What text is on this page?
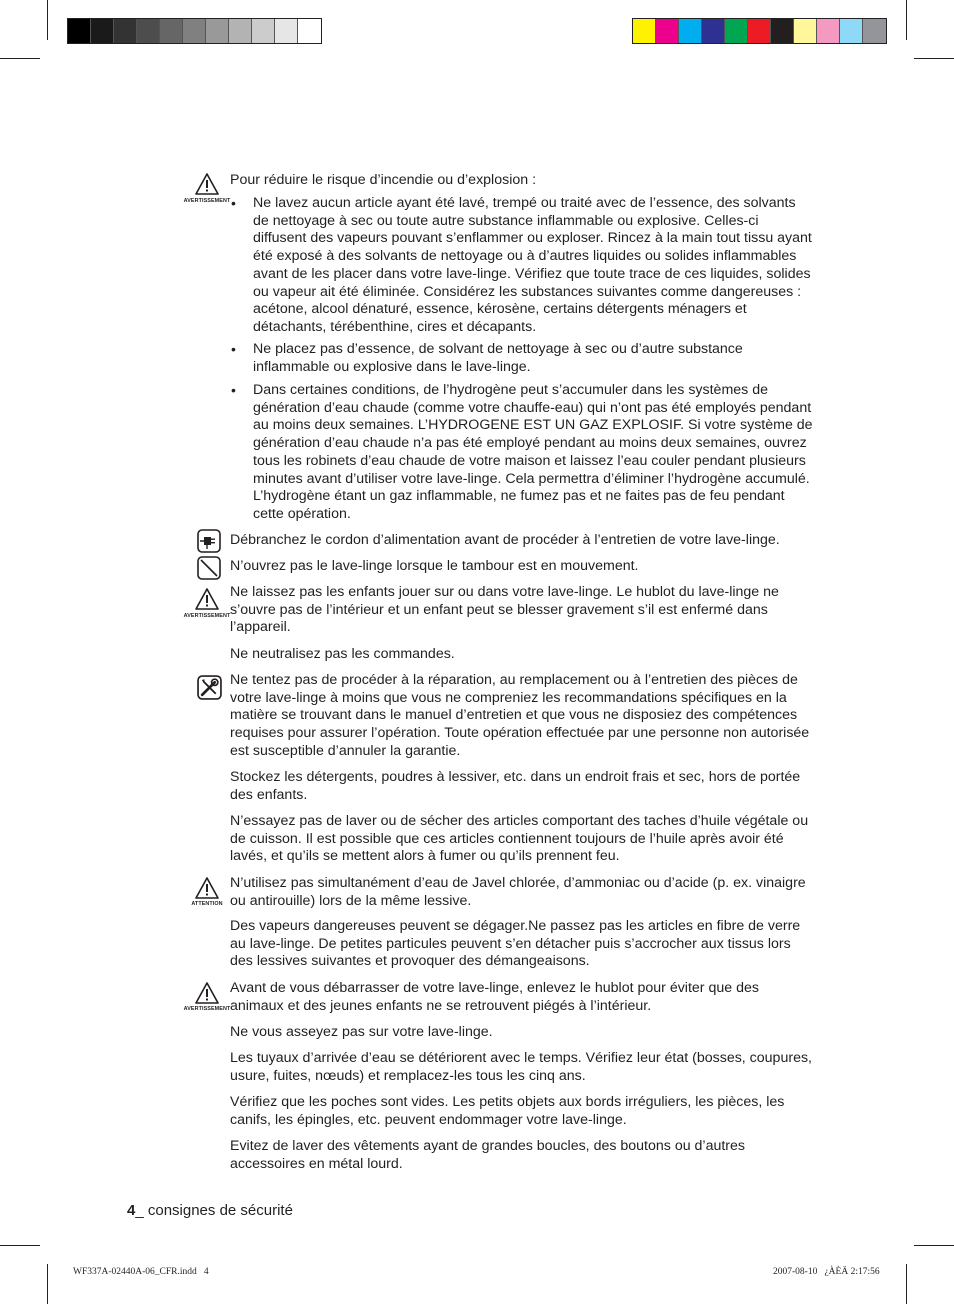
AVERTISSEMENT

Pour réduire le risque d’incendie ou d’explosion :

• Ne lavez aucun article ayant été lavé, trempé ou traité avec de l’essence, des solvants de nettoyage à sec ou toute autre substance inflammable ou explosive. Celles-ci diffusent des vapeurs pouvant s’enflammer ou exploser. Rincez à la main tout tissu ayant été exposé à des solvants de nettoyage ou à d’autres liquides ou solides inflammables avant de les placer dans votre lave-linge. Vérifiez que toute trace de ces liquides, solides ou vapeur ait été éliminée. Considérez les substances suivantes comme dangereuses : acétone, alcool dénaturé, essence, kérosène, certains détergents ménagers et détachants, térébenthine, cires et décapants.

• Ne placez pas d’essence, de solvant de nettoyage à sec ou d’autre substance inflammable ou explosive dans le lave-linge.

• Dans certaines conditions, de l’hydrogène peut s’accumuler dans les systèmes de génération d’eau chaude (comme votre chauffe-eau) qui n’ont pas été employés pendant au moins deux semaines. L’HYDROGENE EST UN GAZ EXPLOSIF. Si votre système de génération d’eau chaude n’a pas été employé pendant au moins deux semaines, ouvrez tous les robinets d’eau chaude de votre maison et laissez l’eau couler pendant plusieurs minutes avant d’utiliser votre lave-linge. Cela permettra d’éliminer l’hydrogène accumulé. L’hydrogène étant un gaz inflammable, ne fumez pas et ne faites pas de feu pendant cette opération.

Débranchez le cordon d’alimentation avant de procéder à l’entretien de votre lave-linge.

N’ouvrez pas le lave-linge lorsque le tambour est en mouvement.

AVERTISSEMENT

Ne laissez pas les enfants jouer sur ou dans votre lave-linge. Le hublot du lave-linge ne s’ouvre pas de l’intérieur et un enfant peut se blesser gravement s’il est enfermé dans l’appareil.

Ne neutralisez pas les commandes.

Ne tentez pas de procéder à la réparation, au remplacement ou à l’entretien des pièces de votre lave-linge à moins que vous ne compreniez les recommandations spécifiques en la matière se trouvant dans le manuel d’entretien et que vous ne disposiez des compétences requises pour assurer l’opération. Toute opération effectuée par une personne non autorisée est susceptible d’annuler la garantie.

Stockez les détergents, poudres à lessiver, etc. dans un endroit frais et sec, hors de portée des enfants.

N’essayez pas de laver ou de sécher des articles comportant des taches d’huile végétale ou de cuisson. Il est possible que ces articles contiennent toujours de l’huile après avoir été lavés, et qu’ils se mettent alors à fumer ou qu’ils prennent feu.

ATTENTION

N’utilisez pas simultanément d’eau de Javel chlorée, d’ammoniac ou d’acide (p. ex. vinaigre ou antirouille) lors de la même lessive.

Des vapeurs dangereuses peuvent se dégager.Ne passez pas les articles en fibre de verre au lave-linge. De petites particules peuvent s’en détacher puis s’accrocher aux tissus lors des lessives suivantes et provoquer des démangeaisons.

AVERTISSEMENT

Avant de vous débarrasser de votre lave-linge, enlevez le hublot pour éviter que des animaux et des jeunes enfants ne se retrouvent piégés à l’intérieur.

Ne vous asseyez pas sur votre lave-linge.

Les tuyaux d’arrivée d’eau se détériorent avec le temps. Vérifiez leur état (bosses, coupures, usure, fuites, nœuds) et remplacez-les tous les cinq ans.

Vérifiez que les poches sont vides. Les petits objets aux bords irréguliers, les pièces, les canifs, les épingles, etc. peuvent endommager votre lave-linge.

Evitez de laver des vêtements ayant de grandes boucles, des boutons ou d’autres accessoires en métal lourd.

4_ consignes de sécurité
WF337A-02440A-06_CFR.indd   4	2007-08-10   ¿ÀÈÄ 2:17:56
